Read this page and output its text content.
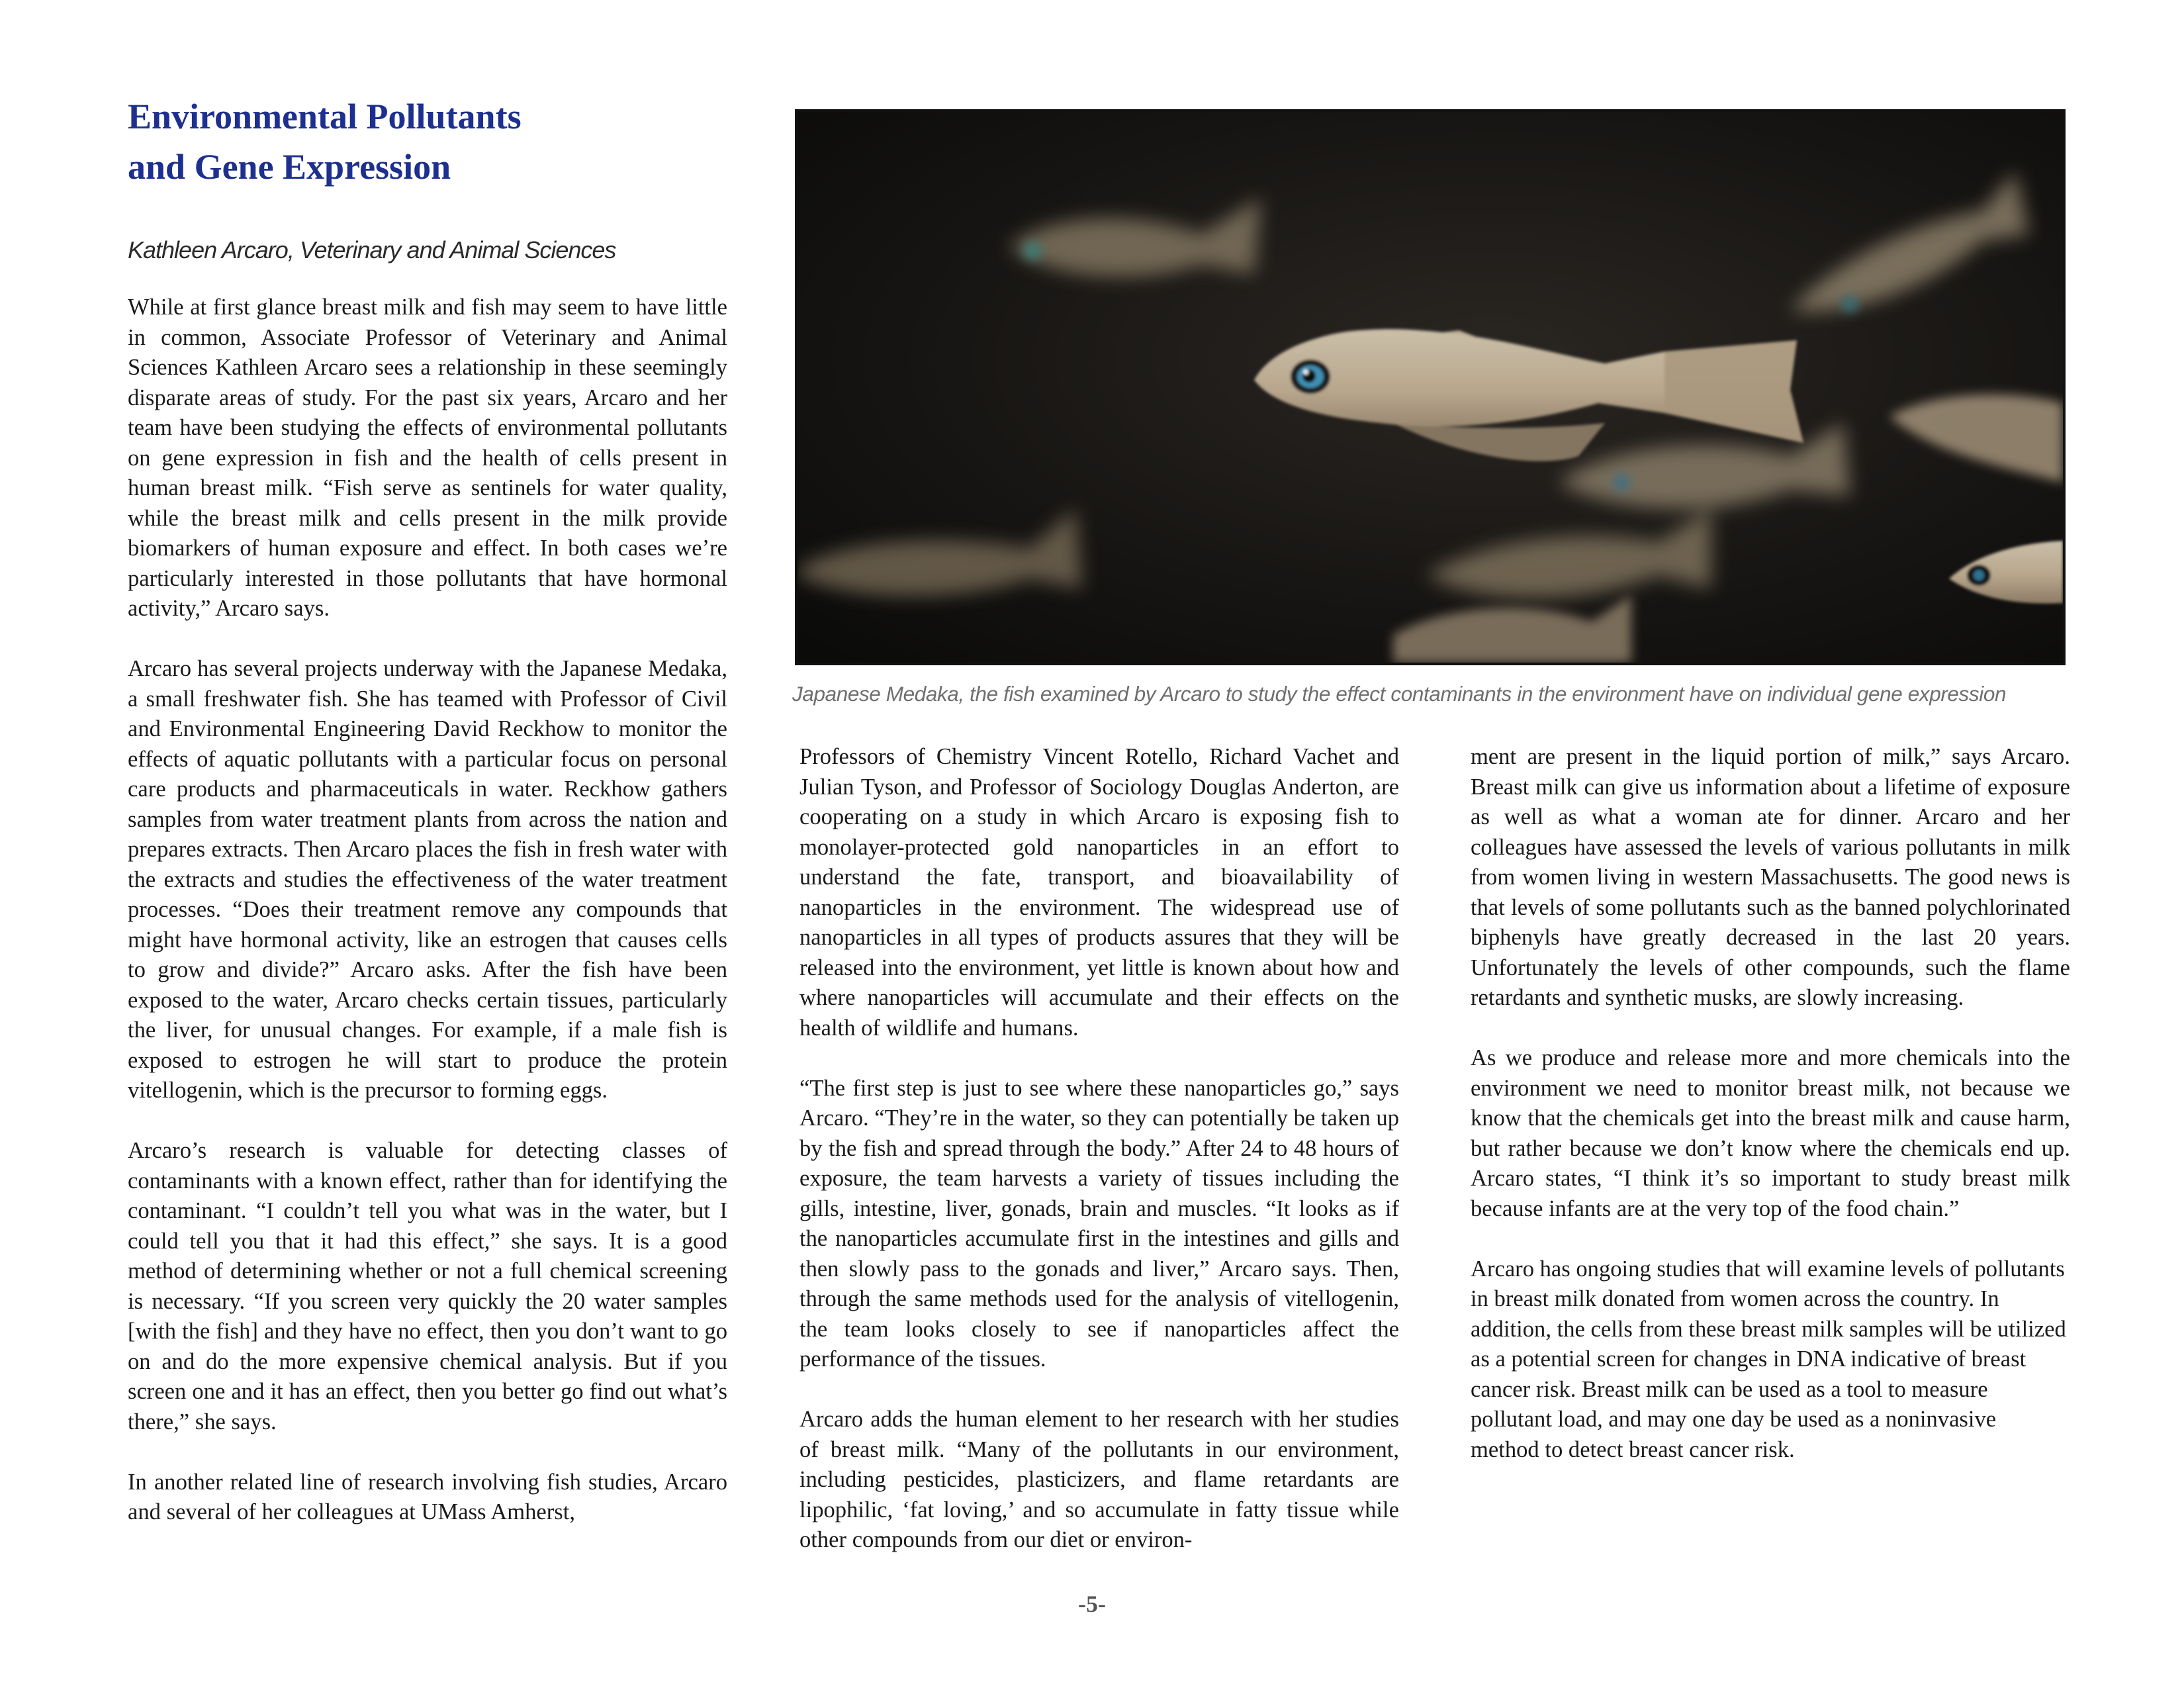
Environmental Pollutants
and Gene Expression

Kathleen Arcaro, Veterinary and Animal Sciences

While at first glance breast milk and fish may seem to have little in common, Associate Professor of Veterinary and Animal Sciences Kathleen Arcaro sees a relationship in these seemingly disparate areas of study. For the past six years, Arcaro and her team have been studying the effects of environmental pollutants on gene expression in fish and the health of cells present in human breast milk. “Fish serve as sentinels for water quality, while the breast milk and cells present in the milk provide biomarkers of human exposure and effect. In both cases we’re particularly interested in those pollutants that have hormonal activity,” Arcaro says.

Arcaro has several projects underway with the Japanese Medaka, a small freshwater fish. She has teamed with Professor of Civil and Environmental Engineering David Reckhow to monitor the effects of aquatic pollutants with a particular focus on personal care products and pharmaceuticals in water. Reckhow gathers samples from water treatment plants from across the nation and prepares extracts. Then Arcaro places the fish in fresh water with the extracts and studies the effectiveness of the water treatment processes. “Does their treatment remove any compounds that might have hormonal activity, like an estrogen that causes cells to grow and divide?” Arcaro asks. After the fish have been exposed to the water, Arcaro checks certain tissues, particularly the liver, for unusual changes. For example, if a male fish is exposed to estrogen he will start to produce the protein vitellogenin, which is the precursor to forming eggs.

Arcaro’s research is valuable for detecting classes of contaminants with a known effect, rather than for identifying the contaminant. “I couldn’t tell you what was in the water, but I could tell you that it had this effect,” she says. It is a good method of determining whether or not a full chemical screening is necessary. “If you screen very quickly the 20 water samples [with the fish] and they have no effect, then you don’t want to go on and do the more expensive chemical analysis. But if you screen one and it has an effect, then you better go find out what’s there,” she says.

In another related line of research involving fish studies, Arcaro and several of her colleagues at UMass Amherst,

Japanese Medaka, the fish examined by Arcaro to study the effect contaminants in the environment have on individual gene expression

Professors of Chemistry Vincent Rotello, Richard Vachet and Julian Tyson, and Professor of Sociology Douglas Anderton, are cooperating on a study in which Arcaro is exposing fish to monolayer-protected gold nanoparticles in an effort to understand the fate, transport, and bioavailability of nanoparticles in the environment. The widespread use of nanoparticles in all types of products assures that they will be released into the environment, yet little is known about how and where nanoparticles will accumulate and their effects on the health of wildlife and humans.

“The first step is just to see where these nanoparticles go,” says Arcaro. “They’re in the water, so they can potentially be taken up by the fish and spread through the body.” After 24 to 48 hours of exposure, the team harvests a variety of tissues including the gills, intestine, liver, gonads, brain and muscles. “It looks as if the nanoparticles accumulate first in the intestines and gills and then slowly pass to the gonads and liver,” Arcaro says. Then, through the same methods used for the analysis of vitellogenin, the team looks closely to see if nanoparticles affect the performance of the tissues.

Arcaro adds the human element to her research with her studies of breast milk. “Many of the pollutants in our environment, including pesticides, plasticizers, and flame retardants are lipophilic, ‘fat loving,’ and so accumulate in fatty tissue while other compounds from our diet or environ-

ment are present in the liquid portion of milk,” says Arcaro. Breast milk can give us information about a lifetime of exposure as well as what a woman ate for dinner. Arcaro and her colleagues have assessed the levels of various pollutants in milk from women living in western Massachusetts. The good news is that levels of some pollutants such as the banned polychlorinated biphenyls have greatly decreased in the last 20 years. Unfortunately the levels of other compounds, such the flame retardants and synthetic musks, are slowly increasing.

As we produce and release more and more chemicals into the environment we need to monitor breast milk, not because we know that the chemicals get into the breast milk and cause harm, but rather because we don’t know where the chemicals end up. Arcaro states, “I think it’s so important to study breast milk because infants are at the very top of the food chain.”

Arcaro has ongoing studies that will examine levels of pollutants in breast milk donated from women across the country. In addition, the cells from these breast milk samples will be utilized as a potential screen for changes in DNA indicative of breast cancer risk. Breast milk can be used as a tool to measure pollutant load, and may one day be used as a noninvasive method to detect breast cancer risk.

-5-
